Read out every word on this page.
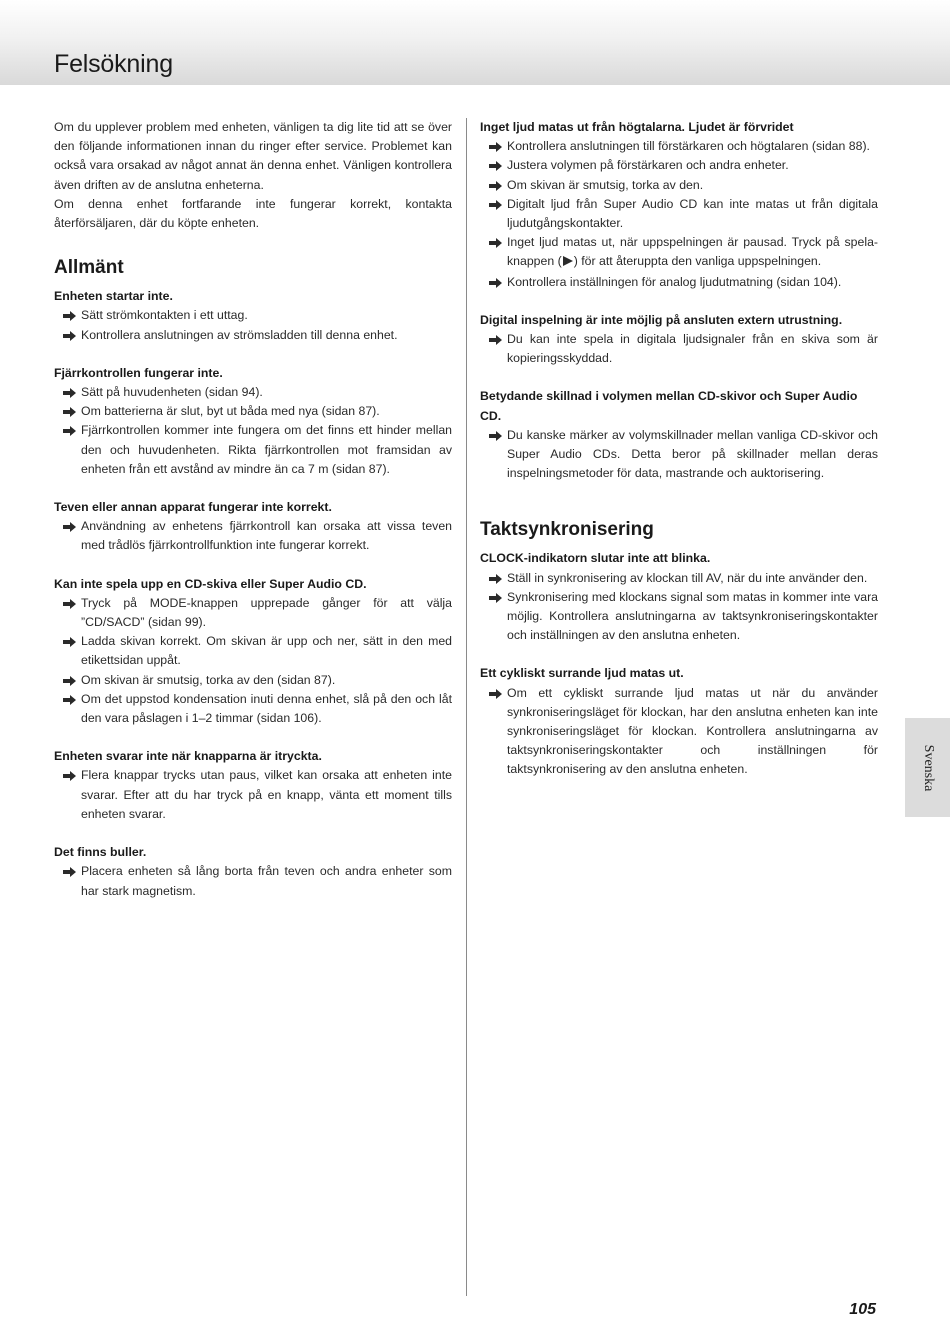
Felsökning

Om du upplever problem med enheten, vänligen ta dig lite tid att se över den följande informationen innan du ringer efter service. Problemet kan också vara orsakad av något annat än denna enhet. Vänligen kontrollera även driften av de anslutna enheterna.

Om denna enhet fortfarande inte fungerar korrekt, kontakta återförsäljaren, där du köpte enheten.

Allmänt
Enheten startar inte.
Sätt strömkontakten i ett uttag.
Kontrollera anslutningen av strömsladden till denna enhet.
Fjärrkontrollen fungerar inte.
Sätt på huvudenheten (sidan 94).
Om batterierna är slut, byt ut båda med nya (sidan 87).
Fjärrkontrollen kommer inte fungera om det finns ett hinder mellan den och huvudenheten. Rikta fjärrkontrollen mot framsidan av enheten från ett avstånd av mindre än ca 7 m (sidan 87).
Teven eller annan apparat fungerar inte korrekt.
Användning av enhetens fjärrkontroll kan orsaka att vissa teven med trådlös fjärrkontrollfunktion inte fungerar korrekt.
Kan inte spela upp en CD-skiva eller Super Audio CD.
Tryck på MODE-knappen upprepade gånger för att välja ”CD/SACD” (sidan 99).
Ladda skivan korrekt. Om skivan är upp och ner, sätt in den med etikettsidan uppåt.
Om skivan är smutsig, torka av den (sidan 87).
Om det uppstod kondensation inuti denna enhet, slå på den och låt den vara påslagen i 1–2 timmar (sidan 106).
Enheten svarar inte när knapparna är itryckta.
Flera knappar trycks utan paus, vilket kan orsaka att enheten inte svarar. Efter att du har tryck på en knapp, vänta ett moment tills enheten svarar.
Det finns buller.
Placera enheten så lång borta från teven och andra enheter som har stark magnetism.
Inget ljud matas ut från högtalarna. Ljudet är förvridet
Kontrollera anslutningen till förstärkaren och högtalaren (sidan 88).
Justera volymen på förstärkaren och andra enheter.
Om skivan är smutsig, torka av den.
Digitalt ljud från Super Audio CD kan inte matas ut från digitala ljudutgångskontakter.
Inget ljud matas ut, när uppspelningen är pausad. Tryck på spela-knappen ( ) för att återuppta den vanliga uppspelningen.
Kontrollera inställningen för analog ljudutmatning (sidan 104).
Digital inspelning är inte möjlig på ansluten extern utrustning.
Du kan inte spela in digitala ljudsignaler från en skiva som är kopieringsskyddad.
Betydande skillnad i volymen mellan CD-skivor och Super Audio CD.
Du kanske märker av volymskillnader mellan vanliga CD-skivor och Super Audio CDs. Detta beror på skillnader mellan deras inspelningsmetoder för data, mastrande och auktorisering.
Taktsynkronisering
CLOCK-indikatorn slutar inte att blinka.
Ställ in synkronisering av klockan till AV, när du inte använder den.
Synkronisering med klockans signal som matas in kommer inte vara möjlig. Kontrollera anslutningarna av taktsynkroniseringskontakter och inställningen av den anslutna enheten.
Ett cykliskt surrande ljud matas ut.
Om ett cykliskt surrande ljud matas ut när du använder synkroniseringsläget för klockan, har den anslutna enheten kan inte synkroniseringsläget för klockan. Kontrollera anslutningarna av taktsynkroniseringskontakter och inställningen för taktsynkronisering av den anslutna enheten.	Svenska
105
